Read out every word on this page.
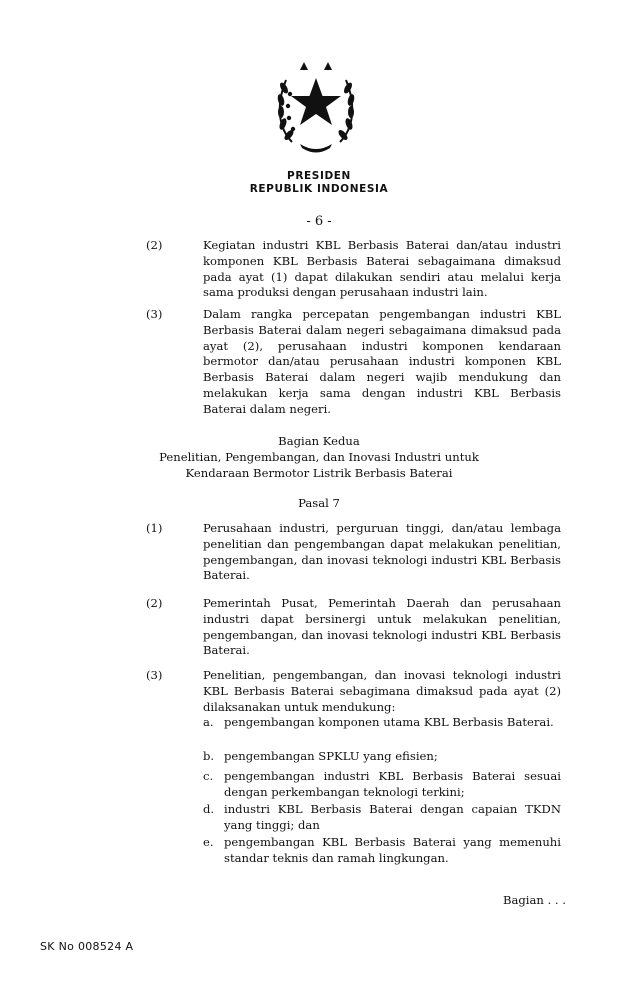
PRESIDEN
REPUBLIK INDONESIA
- 6 -
(2)	Kegiatan industri KBL Berbasis Baterai dan/atau industri komponen KBL Berbasis Baterai sebagaimana dimaksud pada ayat (1) dapat dilakukan sendiri atau melalui kerja sama produksi dengan perusahaan industri lain.
(3)	Dalam rangka percepatan pengembangan industri KBL Berbasis Baterai dalam negeri sebagaimana dimaksud pada ayat (2), perusahaan industri komponen kendaraan bermotor dan/atau perusahaan industri komponen KBL Berbasis Baterai dalam negeri wajib mendukung dan melakukan kerja sama dengan industri KBL Berbasis Baterai dalam negeri.
Bagian Kedua
Penelitian, Pengembangan, dan Inovasi Industri untuk
Kendaraan Bermotor Listrik Berbasis Baterai
Pasal 7
(1)	Perusahaan industri, perguruan tinggi, dan/atau lembaga penelitian dan pengembangan dapat melakukan penelitian, pengembangan, dan inovasi teknologi industri KBL Berbasis Baterai.
(2)	Pemerintah Pusat, Pemerintah Daerah dan perusahaan industri dapat bersinergi untuk melakukan penelitian, pengembangan, dan inovasi teknologi industri KBL Berbasis Baterai.
(3)	Penelitian, pengembangan, dan inovasi teknologi industri KBL Berbasis Baterai sebagimana dimaksud pada ayat (2) dilaksanakan untuk mendukung:
a. pengembangan komponen utama KBL Berbasis Baterai.
b. pengembangan SPKLU yang efisien;
c. pengembangan industri KBL Berbasis Baterai sesuai dengan perkembangan teknologi terkini;
d. industri KBL Berbasis Baterai dengan capaian TKDN yang tinggi; dan
e. pengembangan KBL Berbasis Baterai yang memenuhi standar teknis dan ramah lingkungan.
Bagian . . .
SK No 008524 A
